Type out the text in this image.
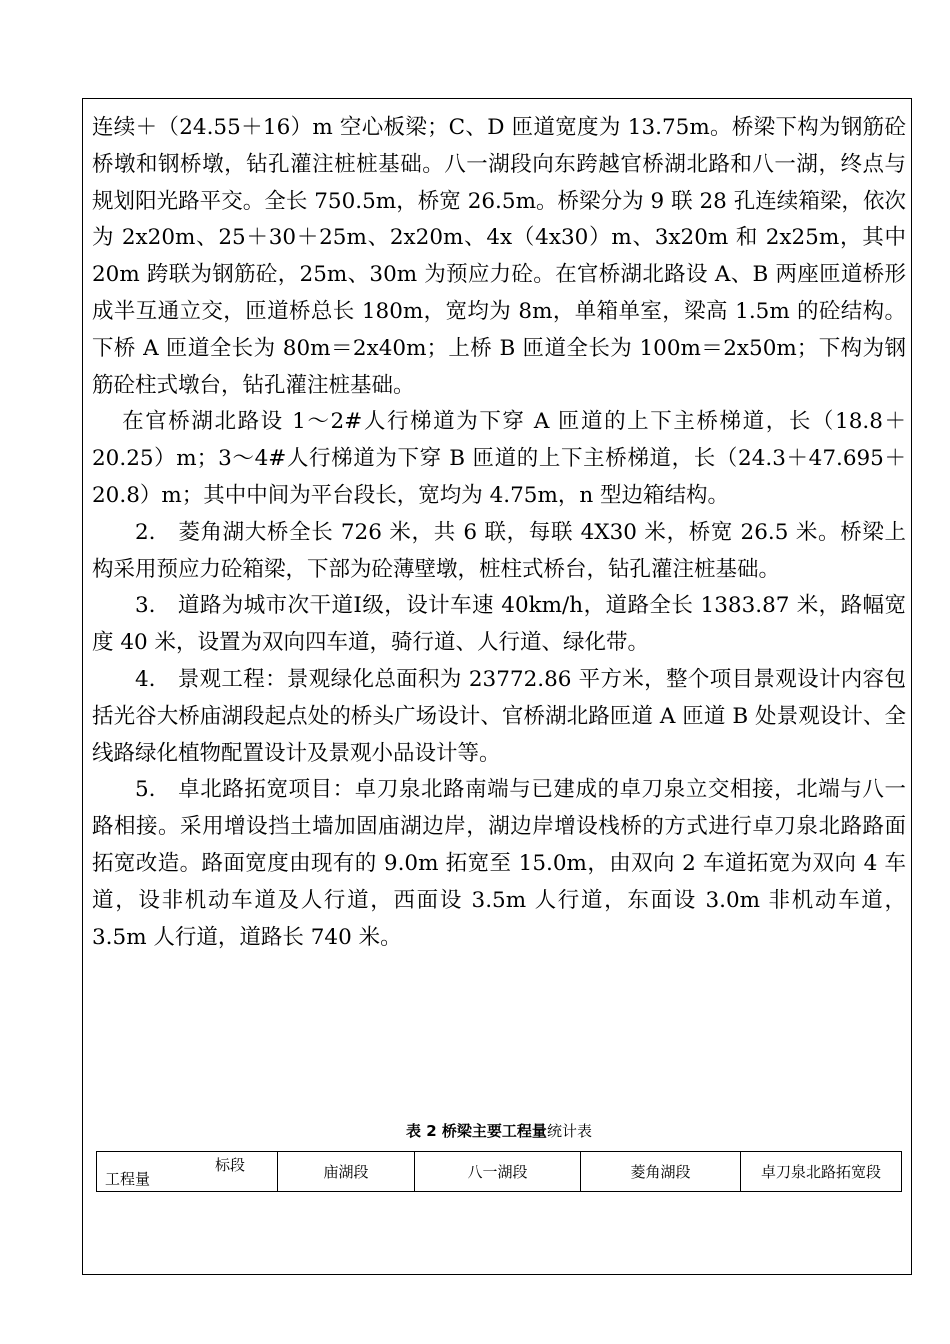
连续＋（24.55＋16）m 空心板梁；C、D 匝道宽度为 13.75m。桥梁下构为钢筋砼桥墩和钢桥墩，钻孔灌注桩桩基础。八一湖段向东跨越官桥湖北路和八一湖，终点与规划阳光路平交。全长 750.5m，桥宽 26.5m。桥梁分为 9 联 28 孔连续箱梁，依次为 2x20m、25＋30＋25m、2x20m、4x（4x30）m、3x20m 和 2x25m，其中 20m 跨联为钢筋砼，25m、30m 为预应力砼。在官桥湖北路设 A、B 两座匝道桥形成半互通立交，匝道桥总长 180m，宽均为 8m，单箱单室，梁高 1.5m 的砼结构。下桥 A 匝道全长为 80m＝2x40m；上桥 B 匝道全长为 100m＝2x50m；下构为钢筋砼柱式墩台，钻孔灌注桩基础。

在官桥湖北路设 1～2#人行梯道为下穿 A 匝道的上下主桥梯道，长（18.8＋20.25）m；3～4#人行梯道为下穿 B 匝道的上下主桥梯道，长（24.3＋47.695＋20.8）m；其中中间为平台段长，宽均为 4.75m，n 型边箱结构。

2.　菱角湖大桥全长 726 米，共 6 联，每联 4X30 米，桥宽 26.5 米。桥梁上构采用预应力砼箱梁，下部为砼薄壁墩，桩柱式桥台，钻孔灌注桩基础。

3.　道路为城市次干道Ⅰ级，设计车速 40km/h，道路全长 1383.87 米，路幅宽度 40 米，设置为双向四车道，骑行道、人行道、绿化带。

4.　景观工程：景观绿化总面积为 23772.86 平方米，整个项目景观设计内容包括光谷大桥庙湖段起点处的桥头广场设计、官桥湖北路匝道 A 匝道 B 处景观设计、全线路绿化植物配置设计及景观小品设计等。

5.　卓北路拓宽项目：卓刀泉北路南端与已建成的卓刀泉立交相接，北端与八一路相接。采用增设挡土墙加固庙湖边岸，湖边岸增设栈桥的方式进行卓刀泉北路路面拓宽改造。路面宽度由现有的 9.0m 拓宽至 15.0m，由双向 2 车道拓宽为双向 4 车道，设非机动车道及人行道，西面设 3.5m 人行道，东面设 3.0m 非机动车道，3.5m 人行道，道路长 740 米。

表 2 桥梁主要工程量统计表
标段
工程量	庙湖段	八一湖段	菱角湖段	卓刀泉北路拓宽段
